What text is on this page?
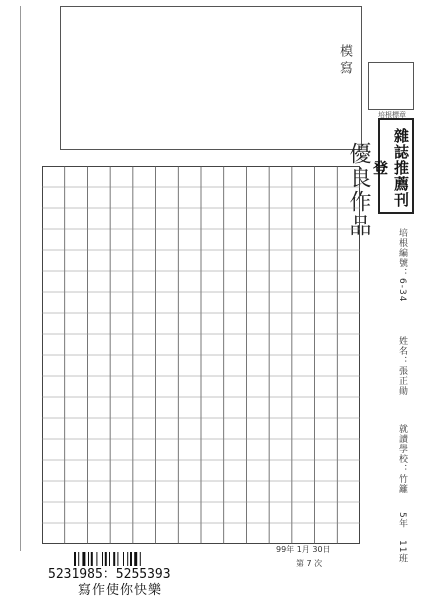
模寫
培根標章
優良作品	雜誌推薦刊登
培根編號：6-34
姓名：張正勛
就讀學校：竹籬
5年
11班
99年 1月 30日
第 7 次
5231985：5255393
寫作使你快樂
